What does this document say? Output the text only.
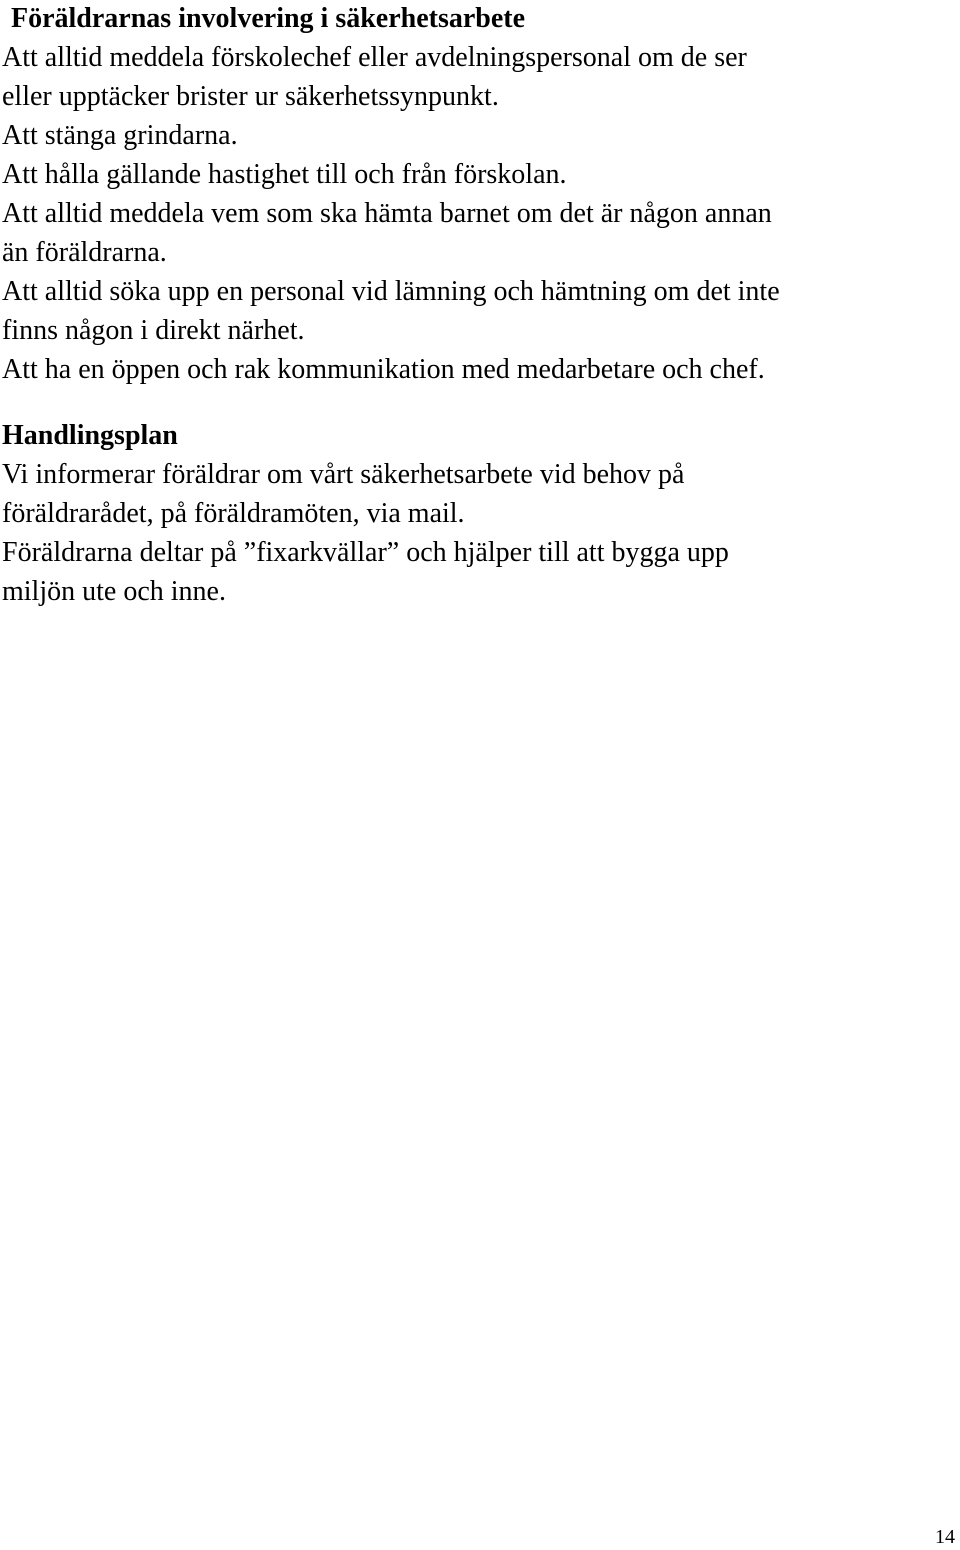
Föräldrarnas involvering i säkerhetsarbete

Att alltid meddela förskolechef eller avdelningspersonal om de ser
eller upptäcker brister ur säkerhetssynpunkt.
Att stänga grindarna.
Att hålla gällande hastighet till och från förskolan.
Att alltid meddela vem som ska hämta barnet om det är någon annan
än föräldrarna.
Att alltid söka upp en personal vid lämning och hämtning om det inte
finns någon i direkt närhet.
Att ha en öppen och rak kommunikation med medarbetare och chef.

Handlingsplan

Vi informerar föräldrar om vårt säkerhetsarbete vid behov på
föräldrarådet, på föräldramöten, via mail.
Föräldrarna deltar på ”fixarkvällar” och hjälper till att bygga upp
miljön ute och inne.

14
